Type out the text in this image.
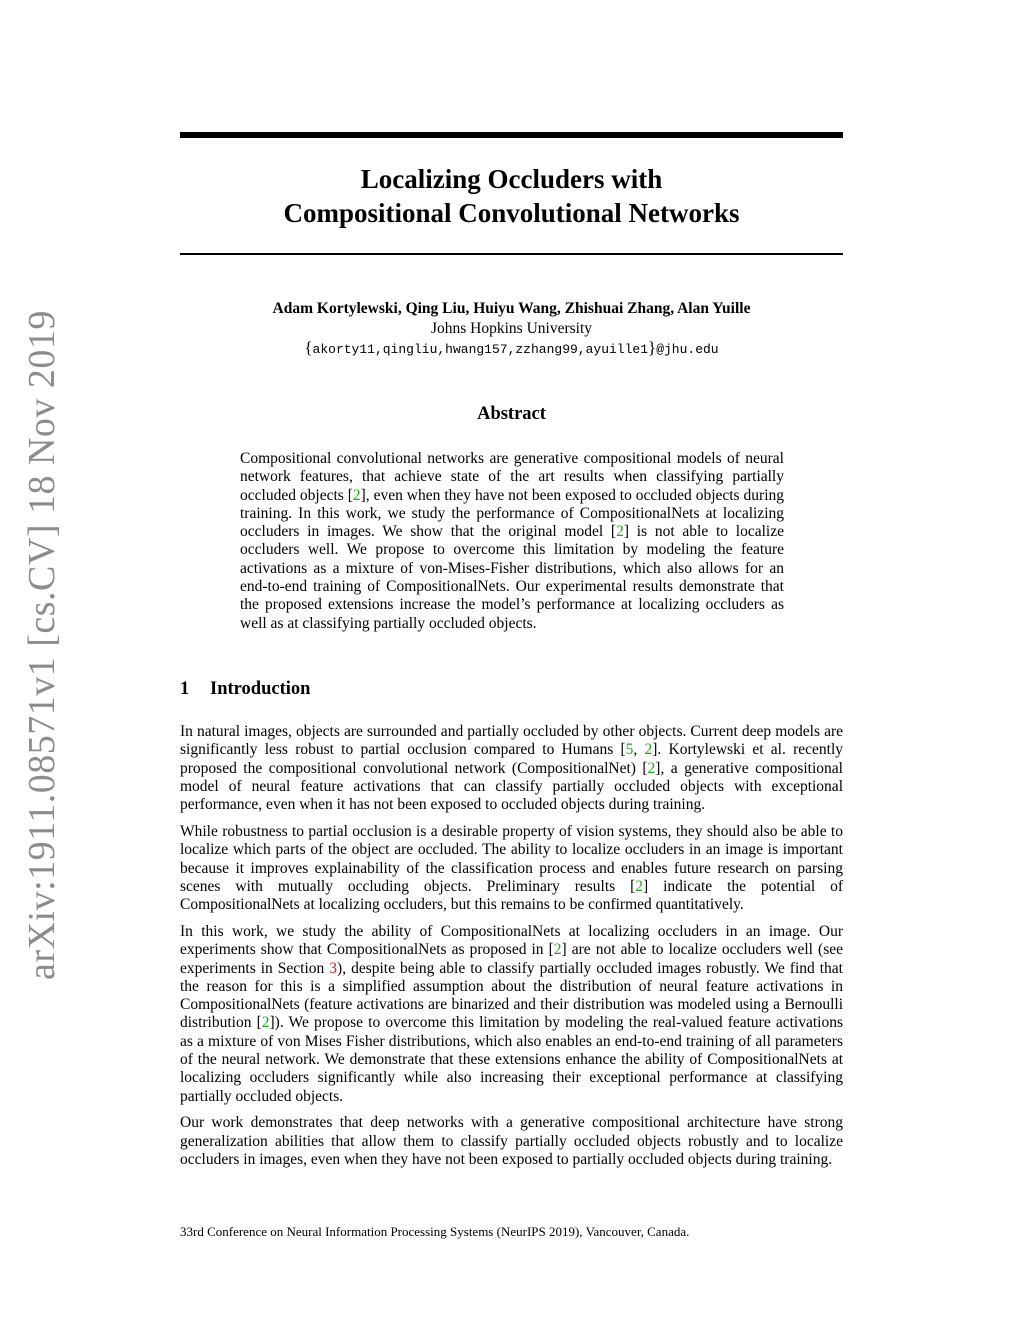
arXiv:1911.08571v1 [cs.CV] 18 Nov 2019
Localizing Occluders with
Compositional Convolutional Networks
Adam Kortylewski, Qing Liu, Huiyu Wang, Zhishuai Zhang, Alan Yuille
Johns Hopkins University
{akorty11,qingliu,hwang157,zzhang99,ayuille1}@jhu.edu
Abstract

Compositional convolutional networks are generative compositional models of neural network features, that achieve state of the art results when classifying partially occluded objects [2], even when they have not been exposed to occluded objects during training. In this work, we study the performance of CompositionalNets at localizing occluders in images. We show that the original model [2] is not able to localize occluders well. We propose to overcome this limitation by modeling the feature activations as a mixture of von-Mises-Fisher distributions, which also allows for an end-to-end training of CompositionalNets. Our experimental results demonstrate that the proposed extensions increase the model’s performance at localizing occluders as well as at classifying partially occluded objects.

1 Introduction

In natural images, objects are surrounded and partially occluded by other objects. Current deep models are significantly less robust to partial occlusion compared to Humans [5, 2]. Kortylewski et al. recently proposed the compositional convolutional network (CompositionalNet) [2], a generative compositional model of neural feature activations that can classify partially occluded objects with exceptional performance, even when it has not been exposed to occluded objects during training.

While robustness to partial occlusion is a desirable property of vision systems, they should also be able to localize which parts of the object are occluded. The ability to localize occluders in an image is important because it improves explainability of the classification process and enables future research on parsing scenes with mutually occluding objects. Preliminary results [2] indicate the potential of CompositionalNets at localizing occluders, but this remains to be confirmed quantitatively.

In this work, we study the ability of CompositionalNets at localizing occluders in an image. Our experiments show that CompositionalNets as proposed in [2] are not able to localize occluders well (see experiments in Section 3), despite being able to classify partially occluded images robustly. We find that the reason for this is a simplified assumption about the distribution of neural feature activations in CompositionalNets (feature activations are binarized and their distribution was modeled using a Bernoulli distribution [2]). We propose to overcome this limitation by modeling the real-valued feature activations as a mixture of von Mises Fisher distributions, which also enables an end-to-end training of all parameters of the neural network. We demonstrate that these extensions enhance the ability of CompositionalNets at localizing occluders significantly while also increasing their exceptional performance at classifying partially occluded objects.

Our work demonstrates that deep networks with a generative compositional architecture have strong generalization abilities that allow them to classify partially occluded objects robustly and to localize occluders in images, even when they have not been exposed to partially occluded objects during training.

33rd Conference on Neural Information Processing Systems (NeurIPS 2019), Vancouver, Canada.
